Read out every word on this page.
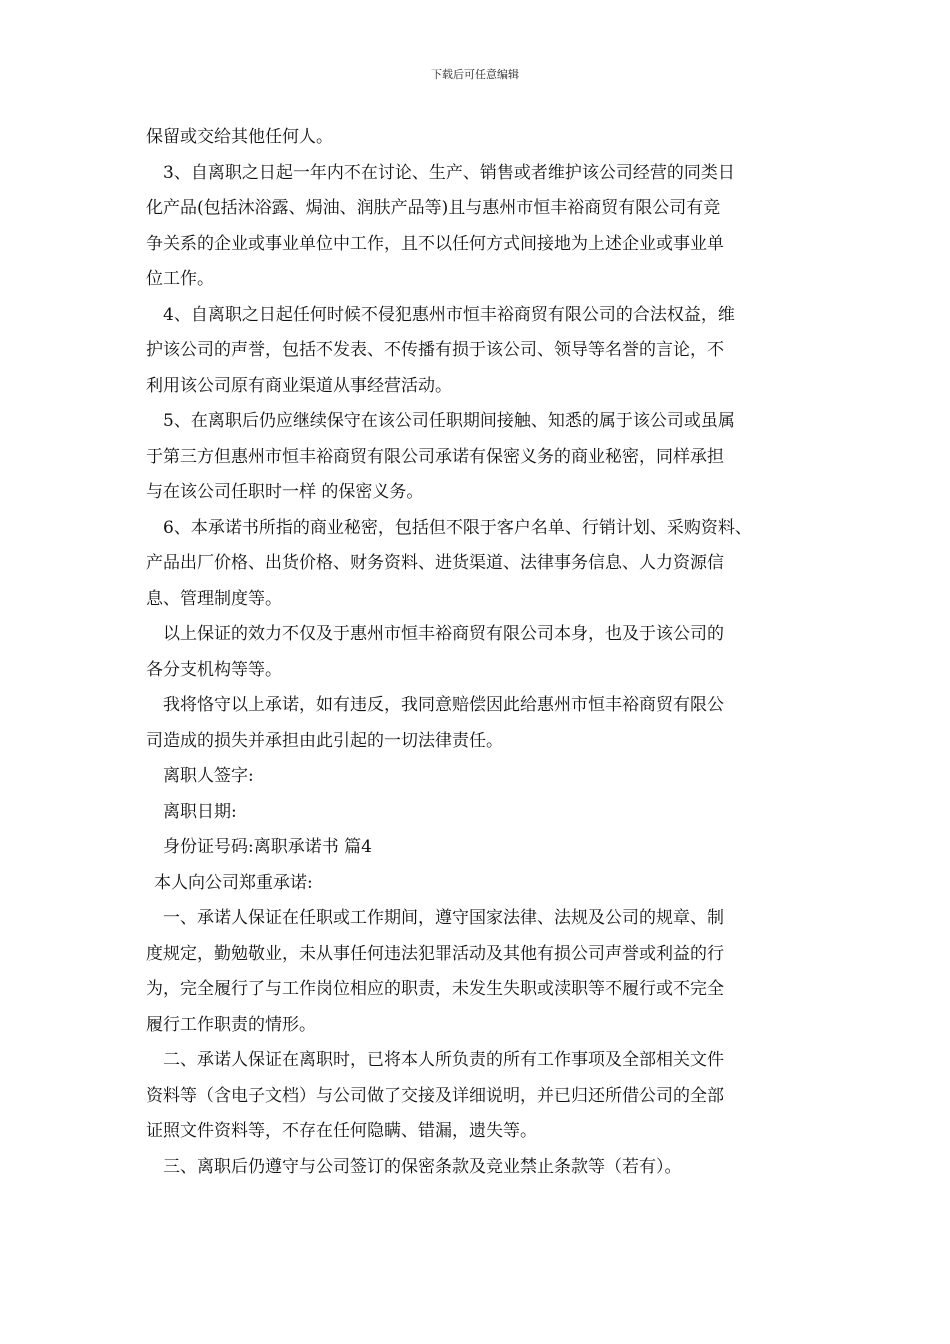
下载后可任意编辑
保留或交给其他任何人。
3、自离职之日起一年内不在讨论、生产、销售或者维护该公司经营的同类日
化产品(包括沐浴露、焗油、润肤产品等)且与惠州市恒丰裕商贸有限公司有竞
争关系的企业或事业单位中工作，且不以任何方式间接地为上述企业或事业单
位工作。
4、自离职之日起任何时候不侵犯惠州市恒丰裕商贸有限公司的合法权益，维
护该公司的声誉，包括不发表、不传播有损于该公司、领导等名誉的言论，不
利用该公司原有商业渠道从事经营活动。
5、在离职后仍应继续保守在该公司任职期间接触、知悉的属于该公司或虽属
于第三方但惠州市恒丰裕商贸有限公司承诺有保密义务的商业秘密，同样承担
与在该公司任职时一样 的保密义务。
6、本承诺书所指的商业秘密，包括但不限于客户名单、行销计划、采购资料、
产品出厂价格、出货价格、财务资料、进货渠道、法律事务信息、人力资源信
息、管理制度等。
以上保证的效力不仅及于惠州市恒丰裕商贸有限公司本身，也及于该公司的
各分支机构等等。
我将恪守以上承诺，如有违反，我同意赔偿因此给惠州市恒丰裕商贸有限公
司造成的损失并承担由此引起的一切法律责任。
离职人签字:
离职日期:
身份证号码:离职承诺书 篇4
本人向公司郑重承诺:
一、承诺人保证在任职或工作期间，遵守国家法律、法规及公司的规章、制
度规定，勤勉敬业，未从事任何违法犯罪活动及其他有损公司声誉或利益的行
为，完全履行了与工作岗位相应的职责，未发生失职或渎职等不履行或不完全
履行工作职责的情形。
二、承诺人保证在离职时，已将本人所负责的所有工作事项及全部相关文件
资料等（含电子文档）与公司做了交接及详细说明，并已归还所借公司的全部
证照文件资料等，不存在任何隐瞒、错漏，遗失等。
三、离职后仍遵守与公司签订的保密条款及竞业禁止条款等（若有）。
